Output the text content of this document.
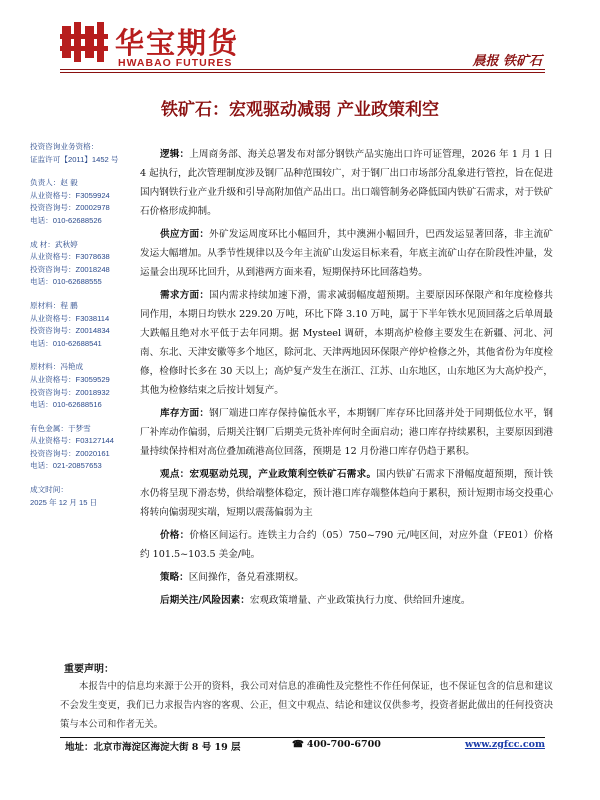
华宝期货
HWABAO FUTURES	晨报 铁矿石
铁矿石：宏观驱动减弱 产业政策利空
投资咨询业务资格：
证监许可【2011】1452 号
负责人：赵 毅
从业资格号：F3059924
投资咨询号：Z0002978
电话：010-62688526
成 材：武秋婷
从业资格号：F3078638
投资咨询号：Z0018248
电话：010-62688555
原材料：程 鹏
从业资格号：F3038114
投资咨询号：Z0014834
电话：010-62688541
原材料：冯艳成
从业资格号：F3059529
投资咨询号：Z0018932
电话：010-62688516
有色金属：于梦雪
从业资格号：F03127144
投资咨询号：Z0020161
电话：021-20857653
成文时间：
2025 年 12 月 15 日

逻辑：上周商务部、海关总署发布对部分钢铁产品实施出口许可证管理，2026 年 1 月 1 日 4 起执行，此次管理制度涉及钢厂品种范围较广，对于钢厂出口市场部分乱象进行管控，旨在促进国内钢铁行业产业升级和引导高附加值产品出口。出口端管制务必降低国内铁矿石需求，对于铁矿石价格形成抑制。

供应方面：外矿发运周度环比小幅回升，其中澳洲小幅回升，巴西发运显著回落，非主流矿发运大幅增加。从季节性规律以及今年主流矿山发运目标来看，年底主流矿山存在阶段性冲量，发运量会出现环比回升，从到港两方面来看，短期保持环比回落趋势。

需求方面：国内需求持续加速下滑，需求减弱幅度超预期。主要原因环保限产和年度检修共同作用，本期日均铁水 229.20 万吨，环比下降 3.10 万吨，属于下半年铁水见顶回落之后单周最大跌幅且绝对水平低于去年同期。据 Mysteel 调研，本期高炉检修主要发生在新疆、河北、河南、东北、天津安徽等多个地区，除河北、天津两地因环保限产停炉检修之外，其他省份为年度检修，检修时长多在 30 天以上；高炉复产发生在浙江、江苏、山东地区，山东地区为大高炉投产，其他为检修结束之后按计划复产。

库存方面：钢厂端进口库存保持偏低水平，本期钢厂库存环比回落并处于同期低位水平，钢厂补库动作偏弱，后期关注钢厂后期美元货补库何时全面启动；港口库存持续累积，主要原因到港量持续保持相对高位叠加疏港高位回落，预期是 12 月份港口库存仍趋于累积。

观点：宏观驱动兑现，产业政策利空铁矿石需求。国内铁矿石需求下滑幅度超预期，预计铁水仍将呈现下滑态势，供给端整体稳定，预计港口库存端整体趋向于累积，预计短期市场交投重心将转向偏弱现实端，短期以震荡偏弱为主

价格：价格区间运行。连铁主力合约（05）750~790 元/吨区间，对应外盘（FE01）价格约 101.5~103.5 美金/吨。

策略：区间操作，备兑看涨期权。

后期关注/风险因素：宏观政策增量、产业政策执行力度、供给回升速度。

重要声明：
本报告中的信息均来源于公开的资料，我公司对信息的准确性及完整性不作任何保证，也不保证包含的信息和建议不会发生变更，我们已力求报告内容的客观、公正，但文中观点、结论和建议仅供参考，投资者据此做出的任何投资决策与本公司和作者无关。
地址：北京市海淀区海淀大街 8 号 19 层	☎ 400-700-6700	www.zgfcc.com
